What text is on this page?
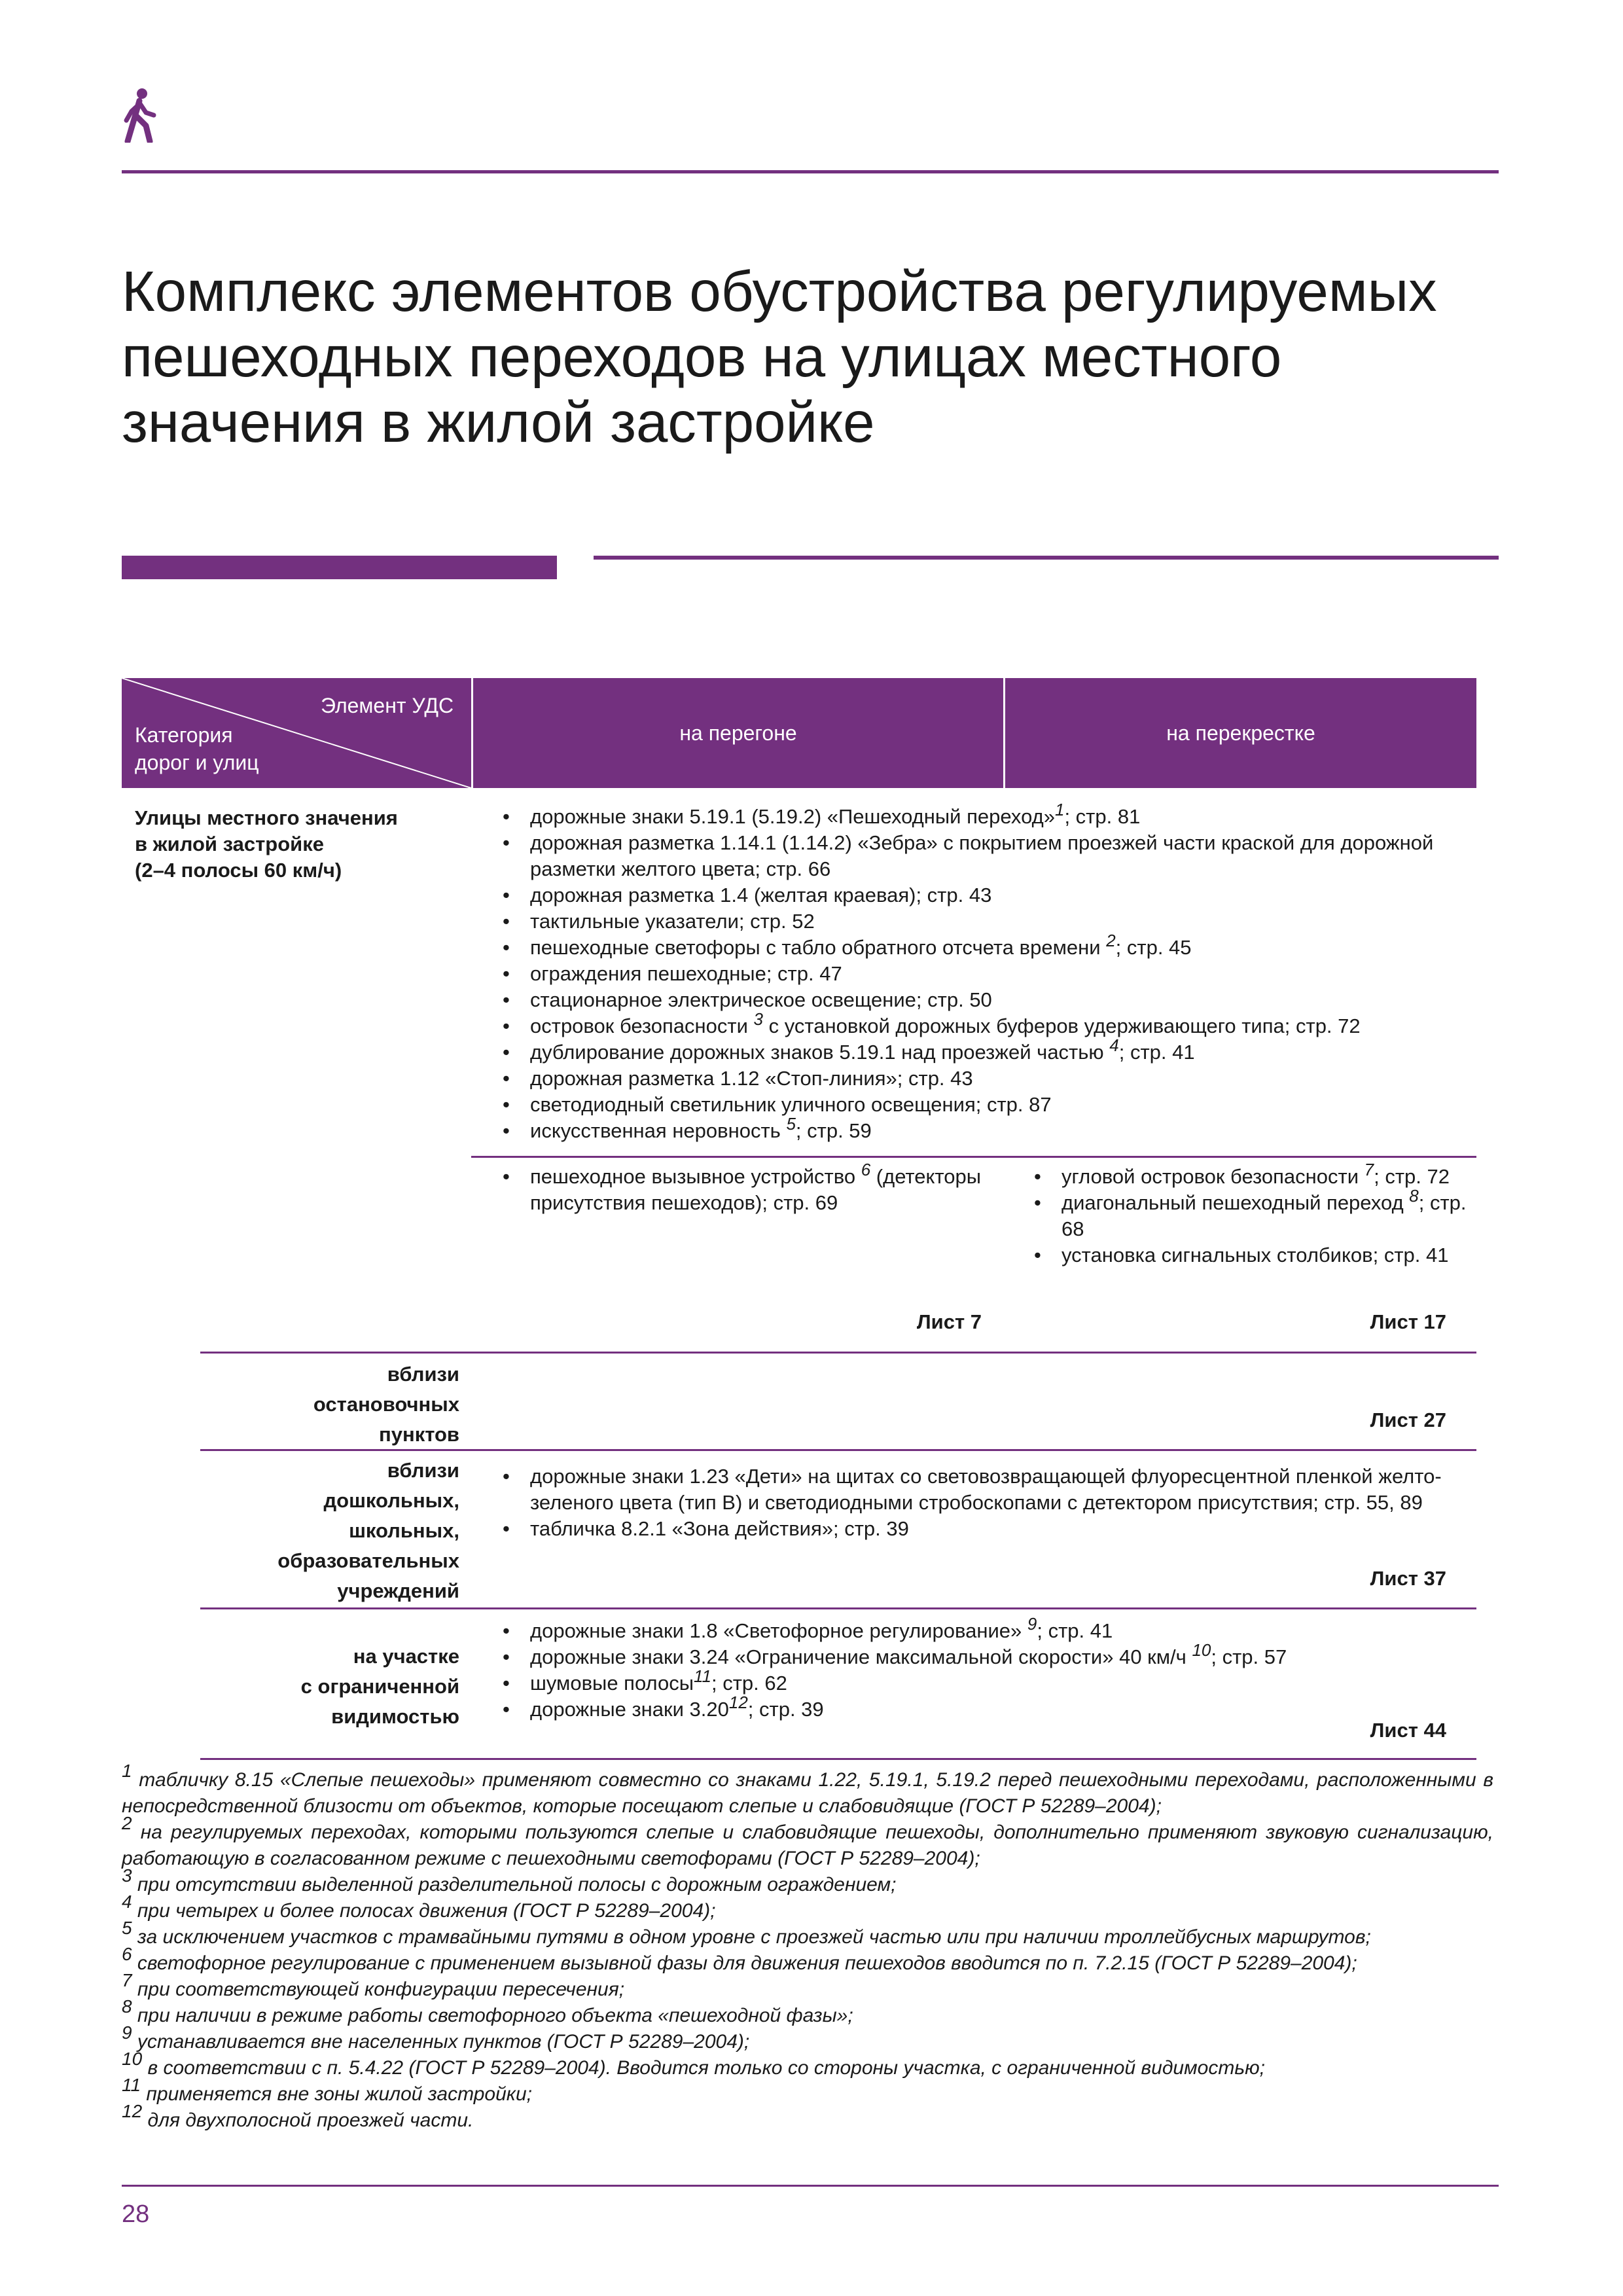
Комплекс элементов обустройства регулируемых
пешеходных переходов на улицах местного
значения в жилой застройке
Элемент УДС
Категория
дорог и улиц
на перегоне	на перекрестке
Улицы местного значения
в жилой застройке
(2–4 полосы 60 км/ч)
• дорожные знаки 5.19.1 (5.19.2) «Пешеходный переход»$^1$; стр. 81
• дорожная разметка 1.14.1 (1.14.2) «Зебра» с покрытием проезжей части краской для дорожной разметки желтого цвета; стр. 66
• дорожная разметка 1.4 (желтая краевая); стр. 43
• тактильные указатели; стр. 52
• пешеходные светофоры с табло обратного отсчета времени $^2$; стр. 45
• ограждения пешеходные; стр. 47
• стационарное электрическое освещение; стр. 50
• островок безопасности $^3$ с установкой дорожных буферов удерживающего типа; стр. 72
• дублирование дорожных знаков 5.19.1 над проезжей частью $^4$; стр. 41
• дорожная разметка 1.12 «Стоп-линия»; стр. 43
• светодиодный светильник уличного освещения; стр. 87
• искусственная неровность $^5$; стр. 59
• пешеходное вызывное устройство $^6$ (детекторы присутствия пешеходов); стр. 69
Лист 7
• угловой островок безопасности $^7$; стр. 72
• диагональный пешеходный переход $^8$; стр. 68
• установка сигнальных столбиков; стр. 41
Лист 17
вблизи
остановочных
пунктов
Лист 27
вблизи
дошкольных,
школьных,
образовательных
учреждений
• дорожные знаки 1.23 «Дети» на щитах со световозвращающей флуоресцентной пленкой желто-зеленого цвета (тип В) и светодиодными стробоскопами с детектором присутствия; стр. 55, 89
• табличка 8.2.1 «Зона действия»; стр. 39
Лист 37
на участке
с ограниченной
видимостью
• дорожные знаки 1.8 «Светофорное регулирование» $^9$; стр. 41
• дорожные знаки 3.24 «Ограничение максимальной скорости» 40 км/ч $^{10}$; стр. 57
• шумовые полосы$^{11}$; стр. 62
• дорожные знаки 3.20$^{12}$; стр. 39
Лист 44
1 табличку 8.15 «Слепые пешеходы» применяют совместно со знаками 1.22, 5.19.1, 5.19.2 перед пешеходными переходами, расположенными в непосредственной близости от объектов, которые посещают слепые и слабовидящие (ГОСТ Р 52289–2004);
2 на регулируемых переходах, которыми пользуются слепые и слабовидящие пешеходы, дополнительно применяют звуковую сигнализацию, работающую в согласованном режиме с пешеходными светофорами (ГОСТ Р 52289–2004);
3 при отсутствии выделенной разделительной полосы с дорожным ограждением;
4 при четырех и более полосах движения (ГОСТ Р 52289–2004);
5 за исключением участков с трамвайными путями в одном уровне с проезжей частью или при наличии троллейбусных маршрутов;
6 светофорное регулирование с применением вызывной фазы для движения пешеходов вводится по п. 7.2.15 (ГОСТ Р 52289–2004);
7 при соответствующей конфигурации пересечения;
8 при наличии в режиме работы светофорного объекта «пешеходной фазы»;
9 устанавливается вне населенных пунктов (ГОСТ Р 52289–2004);
10 в соответствии с п. 5.4.22 (ГОСТ Р 52289–2004). Вводится только со стороны участка, с ограниченной видимостью;
11 применяется вне зоны жилой застройки;
12 для двухполосной проезжей части.
28
